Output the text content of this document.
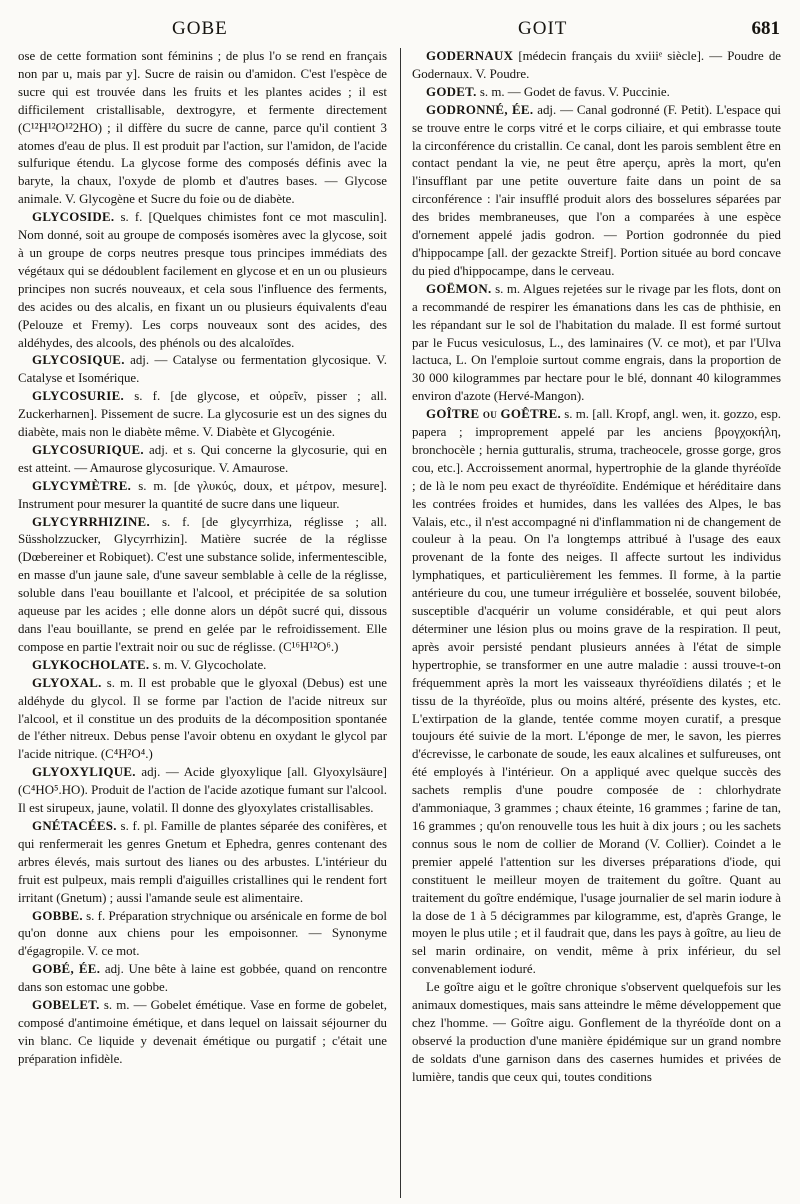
GOBE	GOIT	681

ose de cette formation sont féminins ; de plus l'o se rend en français non par u, mais par y]. Sucre de raisin ou d'amidon. C'est l'espèce de sucre qui est trouvée dans les fruits et les plantes acides ; il est difficilement cristallisable, dextrogyre, et fermente directement (C¹²H¹²O¹²2HO) ; il diffère du sucre de canne, parce qu'il contient 3 atomes d'eau de plus. Il est produit par l'action, sur l'amidon, de l'acide sulfurique étendu. La glycose forme des composés définis avec la baryte, la chaux, l'oxyde de plomb et d'autres bases. — Glycose animale. V. Glycogène et Sucre du foie ou de diabète.

GLYCOSIDE. s. f. [Quelques chimistes font ce mot masculin]. Nom donné, soit au groupe de composés isomères avec la glycose, soit à un groupe de corps neutres presque tous principes immédiats des végétaux qui se dédoublent facilement en glycose et en un ou plusieurs principes non sucrés nouveaux, et cela sous l'influence des ferments, des acides ou des alcalis, en fixant un ou plusieurs équivalents d'eau (Pelouze et Fremy). Les corps nouveaux sont des acides, des aldéhydes, des alcools, des phénols ou des alcaloïdes.

GLYCOSIQUE. adj. — Catalyse ou fermentation glycosique. V. Catalyse et Isomérique.

GLYCOSURIE. s. f. [de glycose, et οὐρεῖν, pisser ; all. Zuckerharnen]. Pissement de sucre. La glycosurie est un des signes du diabète, mais non le diabète même. V. Diabète et Glycogénie.

GLYCOSURIQUE. adj. et s. Qui concerne la glycosurie, qui en est atteint. — Amaurose glycosurique. V. Amaurose.

GLYCYMÈTRE. s. m. [de γλυκύς, doux, et μέτρον, mesure]. Instrument pour mesurer la quantité de sucre dans une liqueur.

GLYCYRRHIZINE. s. f. [de glycyrrhiza, réglisse ; all. Süssholzzucker, Glycyrrhizin]. Matière sucrée de la réglisse (Dœbereiner et Robiquet). C'est une substance solide, infermentescible, en masse d'un jaune sale, d'une saveur semblable à celle de la réglisse, soluble dans l'eau bouillante et l'alcool, et précipitée de sa solution aqueuse par les acides ; elle donne alors un dépôt sucré qui, dissous dans l'eau bouillante, se prend en gelée par le refroidissement. Elle compose en partie l'extrait noir ou suc de réglisse. (C¹⁶H¹²O⁶.)

GLYKOCHOLATE. s. m. V. Glycocholate.

GLYOXAL. s. m. Il est probable que le glyoxal (Debus) est une aldéhyde du glycol. Il se forme par l'action de l'acide nitreux sur l'alcool, et il constitue un des produits de la décomposition spontanée de l'éther nitreux. Debus pense l'avoir obtenu en oxydant le glycol par l'acide nitrique. (C⁴H²O⁴.)

GLYOXYLIQUE. adj. — Acide glyoxylique [all. Glyoxylsäure] (C⁴HO⁵.HO). Produit de l'action de l'acide azotique fumant sur l'alcool. Il est sirupeux, jaune, volatil. Il donne des glyoxylates cristallisables.

GNÉTACÉES. s. f. pl. Famille de plantes séparée des conifères, et qui renfermerait les genres Gnetum et Ephedra, genres contenant des arbres élevés, mais surtout des lianes ou des arbustes. L'intérieur du fruit est pulpeux, mais rempli d'aiguilles cristallines qui le rendent fort irritant (Gnetum) ; aussi l'amande seule est alimentaire.

GOBBE. s. f. Préparation strychnique ou arsénicale en forme de bol qu'on donne aux chiens pour les empoisonner. — Synonyme d'égagropile. V. ce mot.

GOBÉ, ÉE. adj. Une bête à laine est gobbée, quand on rencontre dans son estomac une gobbe.

GOBELET. s. m. — Gobelet émétique. Vase en forme de gobelet, composé d'antimoine émétique, et dans lequel on laissait séjourner du vin blanc. Ce liquide y devenait émétique ou purgatif ; c'était une préparation infidèle.

GODERNAUX [médecin français du xviiiᵉ siècle]. — Poudre de Godernaux. V. Poudre.

GODET. s. m. — Godet de favus. V. Puccinie.

GODRONNÉ, ÉE. adj. — Canal godronné (F. Petit). L'espace qui se trouve entre le corps vitré et le corps ciliaire, et qui embrasse toute la circonférence du cristallin. Ce canal, dont les parois semblent être en contact pendant la vie, ne peut être aperçu, après la mort, qu'en l'insufflant par une petite ouverture faite dans un point de sa circonférence : l'air insufflé produit alors des bosselures séparées par des brides membraneuses, que l'on a comparées à une espèce d'ornement appelé jadis godron. — Portion godronnée du pied d'hippocampe [all. der gezackte Streif]. Portion située au bord concave du pied d'hippocampe, dans le cerveau.

GOËMON. s. m. Algues rejetées sur le rivage par les flots, dont on a recommandé de respirer les émanations dans les cas de phthisie, en les répandant sur le sol de l'habitation du malade. Il est formé surtout par le Fucus vesiculosus, L., des laminaires (V. ce mot), et par l'Ulva lactuca, L. On l'emploie surtout comme engrais, dans la proportion de 30 000 kilogrammes par hectare pour le blé, donnant 40 kilogrammes environ d'azote (Hervé-Mangon).

GOÎTRE ou GOÊTRE. s. m. [all. Kropf, angl. wen, it. gozzo, esp. papera ; improprement appelé par les anciens βρογχοκήλη, bronchocèle ; hernia gutturalis, struma, tracheocele, grosse gorge, gros cou, etc.]. Accroissement anormal, hypertrophie de la glande thyréoïde ; de là le nom peu exact de thyréoïdite. Endémique et héréditaire dans les contrées froides et humides, dans les vallées des Alpes, le bas Valais, etc., il n'est accompagné ni d'inflammation ni de changement de couleur à la peau. On l'a longtemps attribué à l'usage des eaux provenant de la fonte des neiges. Il affecte surtout les individus lymphatiques, et particulièrement les femmes. Il forme, à la partie antérieure du cou, une tumeur irrégulière et bosselée, souvent bilobée, susceptible d'acquérir un volume considérable, et qui peut alors déterminer une lésion plus ou moins grave de la respiration. Il peut, après avoir persisté pendant plusieurs années à l'état de simple hypertrophie, se transformer en une autre maladie : aussi trouve-t-on fréquemment après la mort les vaisseaux thyréoïdiens dilatés ; et le tissu de la thyréoïde, plus ou moins altéré, présente des kystes, etc. L'extirpation de la glande, tentée comme moyen curatif, a presque toujours été suivie de la mort. L'éponge de mer, le savon, les pierres d'écrevisse, le carbonate de soude, les eaux alcalines et sulfureuses, ont été employés à l'intérieur. On a appliqué avec quelque succès des sachets remplis d'une poudre composée de : chlorhydrate d'ammoniaque, 3 grammes ; chaux éteinte, 16 grammes ; farine de tan, 16 grammes ; qu'on renouvelle tous les huit à dix jours ; ou les sachets connus sous le nom de collier de Morand (V. Collier). Coindet a le premier appelé l'attention sur les diverses préparations d'iode, qui constituent le meilleur moyen de traitement du goître. Quant au traitement du goître endémique, l'usage journalier de sel marin iodure à la dose de 1 à 5 décigrammes par kilogramme, est, d'après Grange, le moyen le plus utile ; et il faudrait que, dans les pays à goître, au lieu de sel marin ordinaire, on vendit, même à prix inférieur, du sel convenablement ioduré.

Le goître aigu et le goître chronique s'observent quelquefois sur les animaux domestiques, mais sans atteindre le même développement que chez l'homme. — Goître aigu. Gonflement de la thyréoïde dont on a observé la production d'une manière épidémique sur un grand nombre de soldats d'une garnison dans des casernes humides et privées de lumière, tandis que ceux qui, toutes conditions
